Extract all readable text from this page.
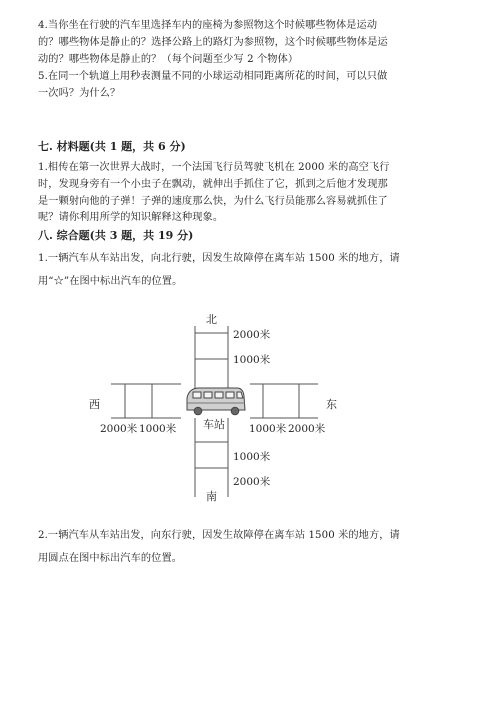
4.当你坐在行驶的汽车里选择车内的座椅为参照物这个时候哪些物体是运动
的？哪些物体是静止的？选择公路上的路灯为参照物，这个时候哪些物体是运
动的？哪些物体是静止的？（每个问题至少写 2 个物体）
5.在同一个轨道上用秒表测量不同的小球运动相同距离所花的时间，可以只做
一次吗？为什么？
七. 材料题(共 1 题，共 6 分)
1.相传在第一次世界大战时，一个法国飞行员驾驶飞机在 2000 米的高空飞行
时，发现身旁有一个小虫子在飘动，就伸出手抓住了它，抓到之后他才发现那
是一颗射向他的子弹！子弹的速度那么快，为什么飞行员能那么容易就抓住了
呢？请你利用所学的知识解释这种现象。
八. 综合题(共 3 题，共 19 分)
1.一辆汽车从车站出发，向北行驶，因发生故障停在离车站 1500 米的地方，请
用“☆”在图中标出汽车的位置。
北
2000米
1000米
西	东
2000米 1000米 车站 1000米 2000米
1000米
2000米
南
2.一辆汽车从车站出发，向东行驶，因发生故障停在离车站 1500 米的地方，请
用圆点在图中标出汽车的位置。
